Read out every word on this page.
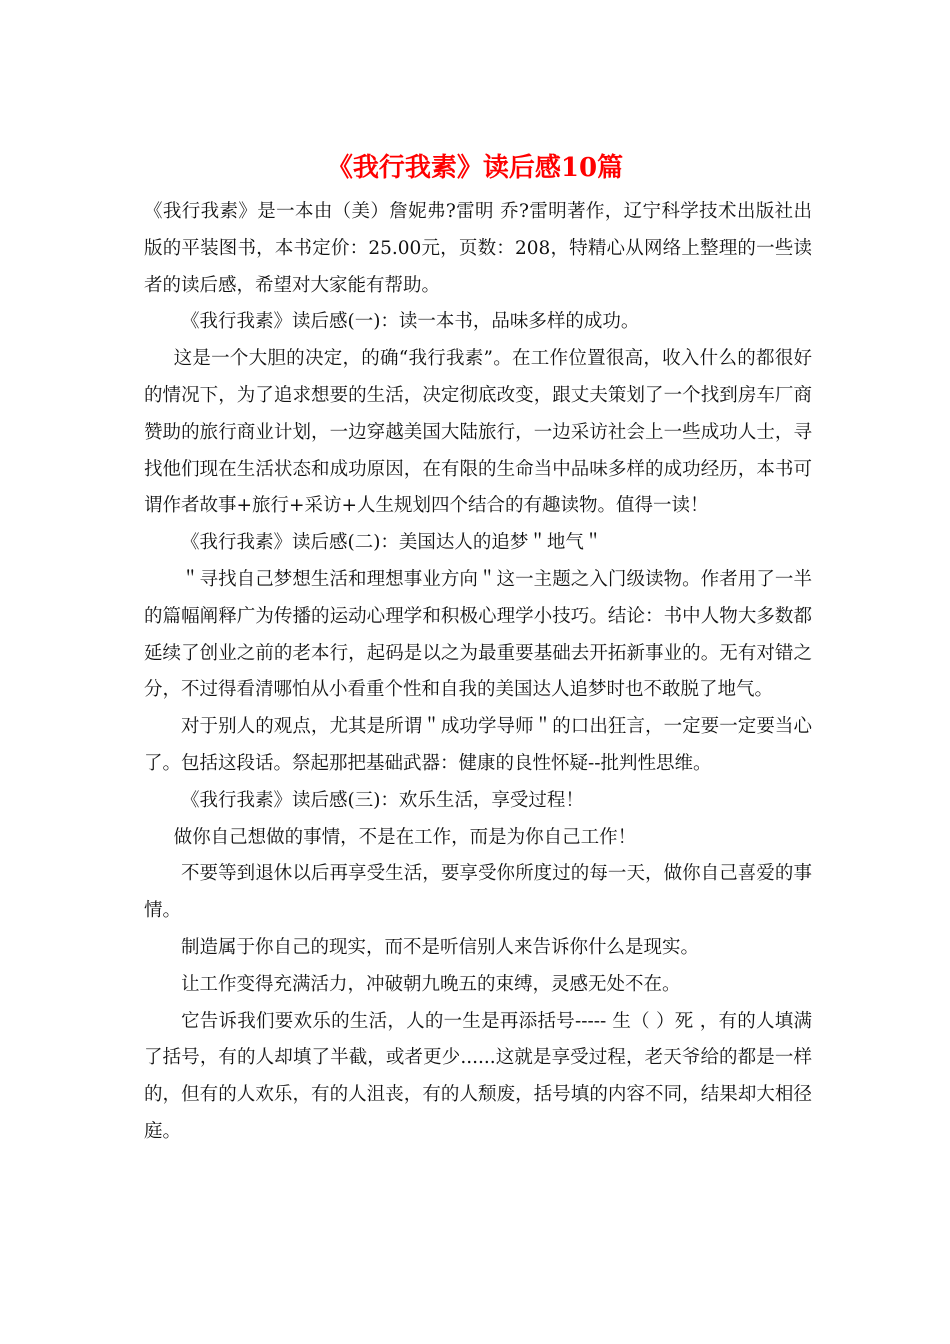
《我行我素》读后感10篇

《我行我素》是一本由（美）詹妮弗?雷明 乔?雷明著作，辽宁科学技术出版社出版的平装图书，本书定价：25.00元，页数：208，特精心从网络上整理的一些读者的读后感，希望对大家能有帮助。

《我行我素》读后感(一)：读一本书，品味多样的成功。

这是一个大胆的决定，的确“我行我素”。在工作位置很高，收入什么的都很好的情况下，为了追求想要的生活，决定彻底改变，跟丈夫策划了一个找到房车厂商赞助的旅行商业计划，一边穿越美国大陆旅行，一边采访社会上一些成功人士，寻找他们现在生活状态和成功原因，在有限的生命当中品味多样的成功经历，本书可谓作者故事+旅行+采访+人生规划四个结合的有趣读物。值得一读！

《我行我素》读后感(二)：美国达人的追梦＂地气＂

＂寻找自己梦想生活和理想事业方向＂这一主题之入门级读物。作者用了一半的篇幅阐释广为传播的运动心理学和积极心理学小技巧。结论：书中人物大多数都延续了创业之前的老本行，起码是以之为最重要基础去开拓新事业的。无有对错之分，不过得看清哪怕从小看重个性和自我的美国达人追梦时也不敢脱了地气。

对于别人的观点，尤其是所谓＂成功学导师＂的口出狂言，一定要一定要当心了。包括这段话。祭起那把基础武器：健康的良性怀疑--批判性思维。

《我行我素》读后感(三)：欢乐生活，享受过程！

做你自己想做的事情，不是在工作，而是为你自己工作！

不要等到退休以后再享受生活，要享受你所度过的每一天，做你自己喜爱的事情。

制造属于你自己的现实，而不是听信别人来告诉你什么是现实。

让工作变得充满活力，冲破朝九晚五的束缚，灵感无处不在。

它告诉我们要欢乐的生活，人的一生是再添括号----- 生（ ）死 ，有的人填满了括号，有的人却填了半截，或者更少......这就是享受过程，老天爷给的都是一样的，但有的人欢乐，有的人沮丧，有的人颓废，括号填的内容不同，结果却大相径庭。
